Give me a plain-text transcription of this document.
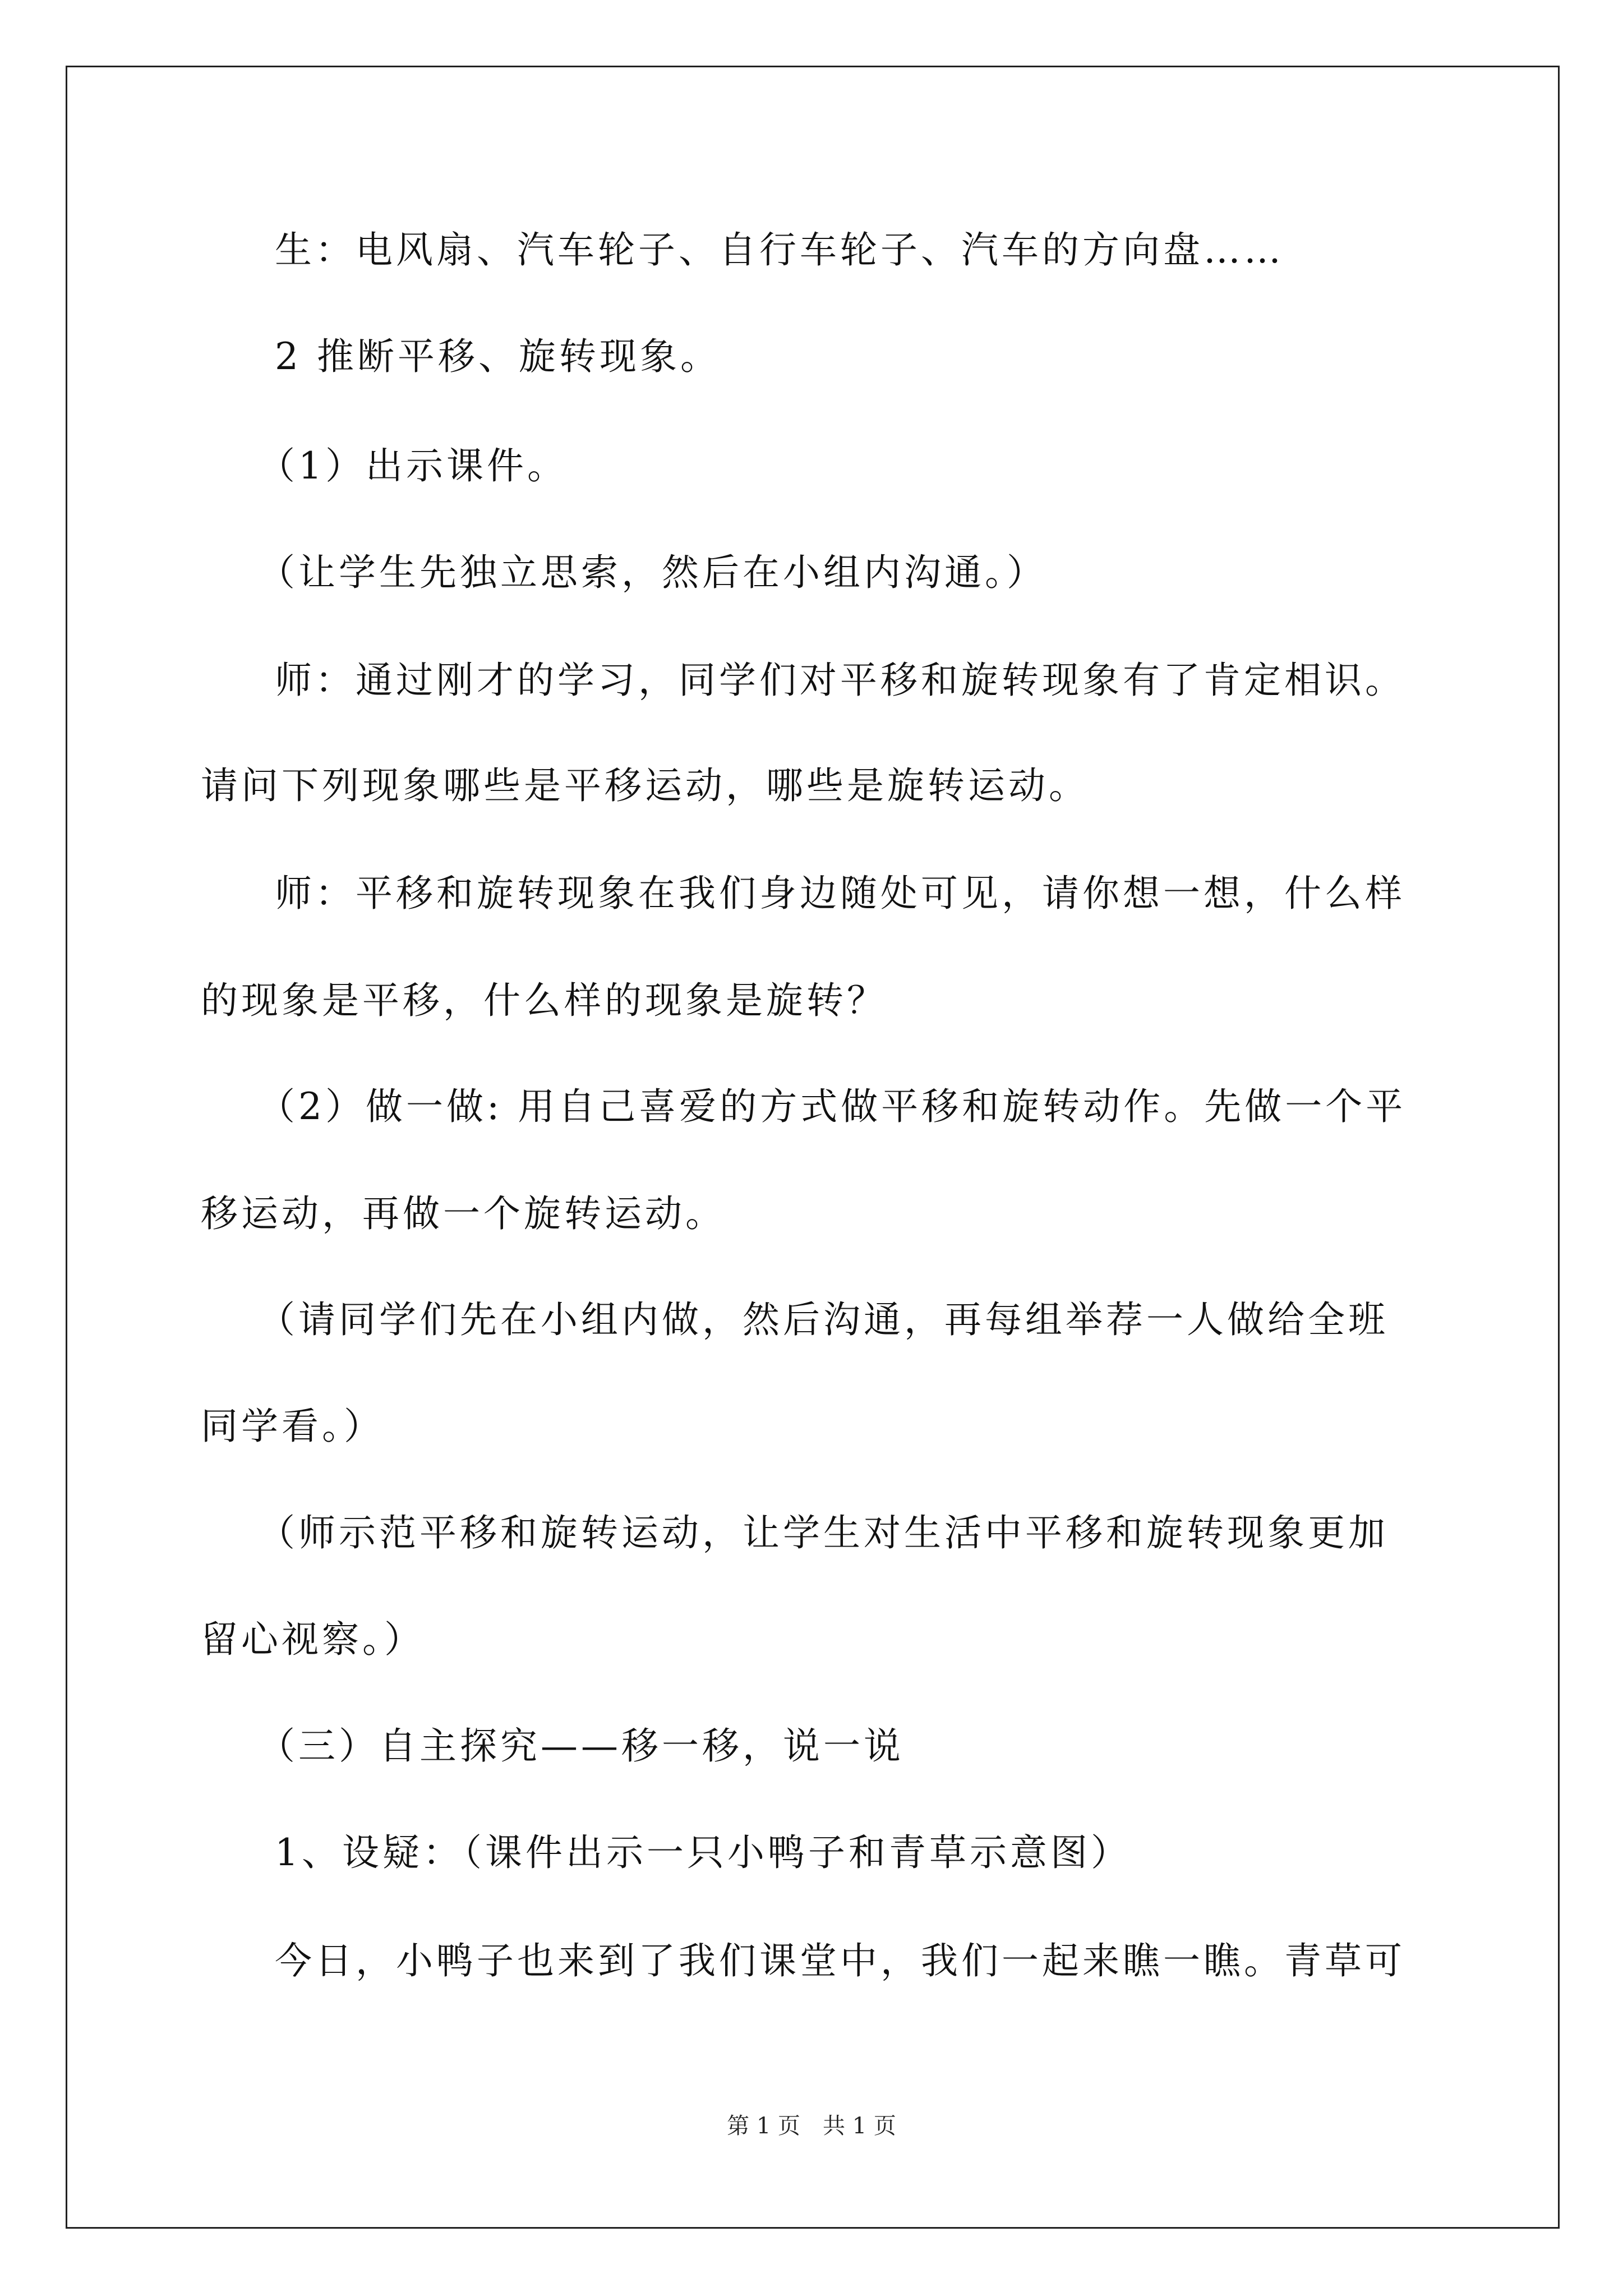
生：电风扇、汽车轮子、自行车轮子、汽车的方向盘……
2 推断平移、旋转现象。
（1）出示课件。
（让学生先独立思索，然后在小组内沟通。）
师：通过刚才的学习，同学们对平移和旋转现象有了肯定相识。
请问下列现象哪些是平移运动，哪些是旋转运动。
师：平移和旋转现象在我们身边随处可见，请你想一想，什么样
的现象是平移，什么样的现象是旋转？
（2）做一做: 用自己喜爱的方式做平移和旋转动作。先做一个平
移运动，再做一个旋转运动。
（请同学们先在小组内做，然后沟通，再每组举荐一人做给全班
同学看。）
（师示范平移和旋转运动，让学生对生活中平移和旋转现象更加
留心视察。）
（三）自主探究——移一移，说一说
1、设疑：（课件出示一只小鸭子和青草示意图）
今日，小鸭子也来到了我们课堂中，我们一起来瞧一瞧。青草可
第 1 页　共 1 页
